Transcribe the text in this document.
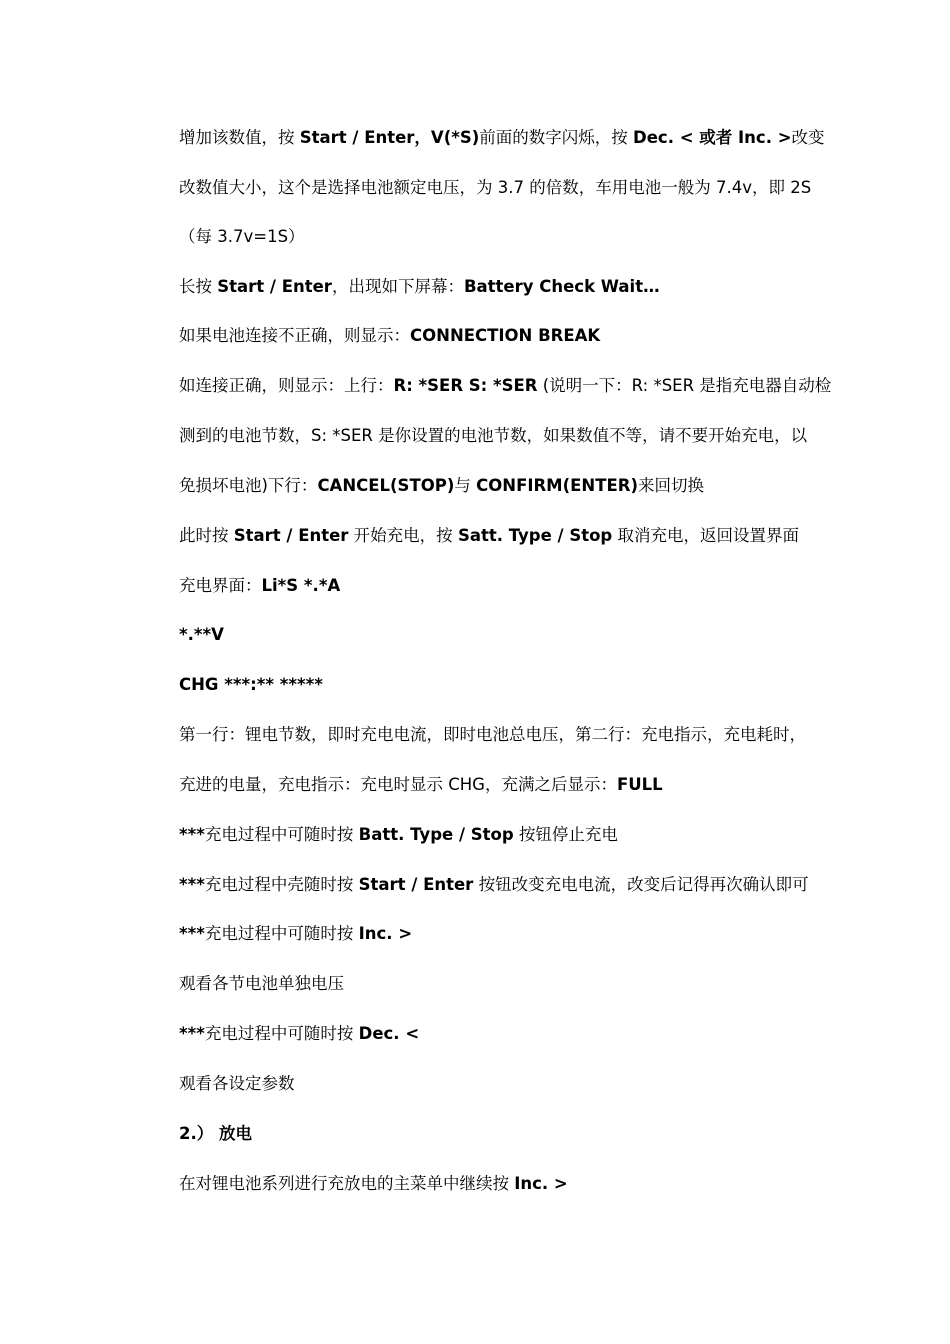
增加该数值，按 Start / Enter，V(*S)前面的数字闪烁，按 Dec. < 或者 Inc. >改变
改数值大小，这个是选择电池额定电压，为 3.7 的倍数，车用电池一般为 7.4v，即 2S
（每 3.7v=1S）
长按 Start / Enter，出现如下屏幕：Battery Check Wait…
如果电池连接不正确，则显示：CONNECTION BREAK
如连接正确，则显示：上行：R: *SER S: *SER (说明一下：R: *SER 是指充电器自动检
测到的电池节数，S: *SER 是你设置的电池节数，如果数值不等，请不要开始充电，以
免损坏电池)下行：CANCEL(STOP)与 CONFIRM(ENTER)来回切换
此时按 Start / Enter 开始充电，按 Satt. Type / Stop 取消充电，返回设置界面
充电界面：Li*S *.*A
*.**V
CHG ***:** *****
第一行：锂电节数，即时充电电流，即时电池总电压，第二行：充电指示，充电耗时，
充进的电量，充电指示：充电时显示 CHG，充满之后显示：FULL
***充电过程中可随时按 Batt. Type / Stop 按钮停止充电
***充电过程中壳随时按 Start / Enter 按钮改变充电电流，改变后记得再次确认即可
***充电过程中可随时按 Inc. >
观看各节电池单独电压
***充电过程中可随时按 Dec. <
观看各设定参数
2.） 放电
在对锂电池系列进行充放电的主菜单中继续按 Inc. >
